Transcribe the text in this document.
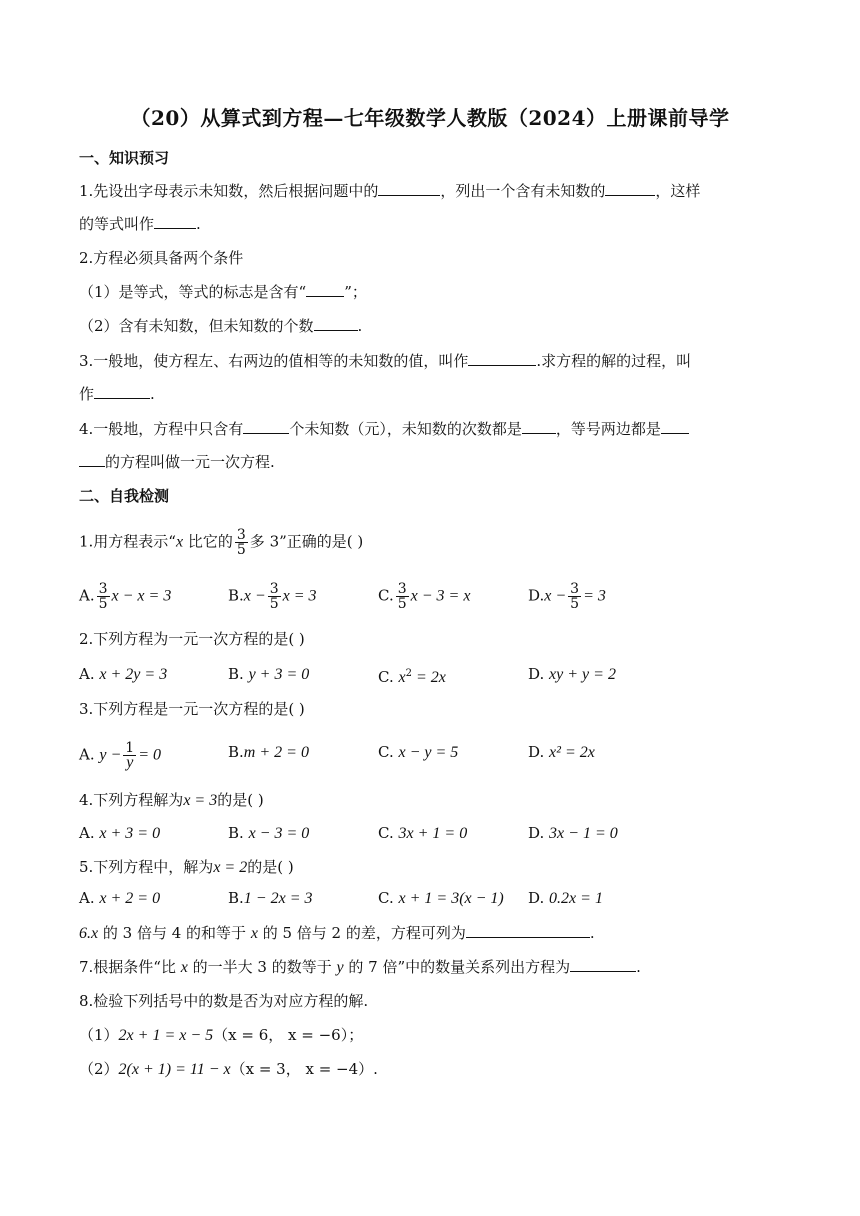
（20）从算式到方程—七年级数学人教版（2024）上册课前导学
一、知识预习
1.先设出字母表示未知数，然后根据问题中的	，列出一个含有未知数的	，这样
的等式叫作	.
2.方程必须具备两个条件
（1）是等式，等式的标志是含有“	”；
（2）含有未知数，但未知数的个数	.
3.一般地，使方程左、右两边的值相等的未知数的值，叫作	.求方程的解的过程，叫
作	.
4.一般地，方程中只含有	个未知数（元），未知数的次数都是 ，等号两边都是
的方程叫做一元一次方程.
二、自我检测
1.用方程表示“x 比它的 $\frac{3}{5}$ 多 3”正确的是( )
A. $\frac{3}{5}$ x − x = 3	$B.x - \frac{3}{5}$ x = 3	C. $\frac{3}{5}$ x − 3 = x	$D.x - \frac{3}{5} = 3$
2.下列方程为一元一次方程的是( )
A. x + 2y = 3	B. y + 3 = 0	C. $x^2 = 2x$	D. xy + y = 2
3.下列方程是一元一次方程的是( )
A. $y - \frac{1}{y} = 0$	B.m + 2 = 0	C. x − y = 5	D. x² = 2x
4.下列方程解为x = 3的是( )
A. x + 3 = 0	B. x − 3 = 0	C. 3x + 1 = 0	D. 3x − 1 = 0
5.下列方程中，解为x = 2的是( )
A. x + 2 = 0	B.1 − 2x = 3	C. x + 1 = 3(x − 1) D. 0.2x = 1
6.x 的 3 倍与 4 的和等于 x 的 5 倍与 2 的差，方程可列为	.
7.根据条件“比 x 的一半大 3 的数等于 y 的 7 倍”中的数量关系列出方程为	.
8.检验下列括号中的数是否为对应方程的解.
（1）2x + 1 = x − 5（x = 6， x = −6）；
（2）2(x + 1) = 11 − x（x = 3， x = −4）.
